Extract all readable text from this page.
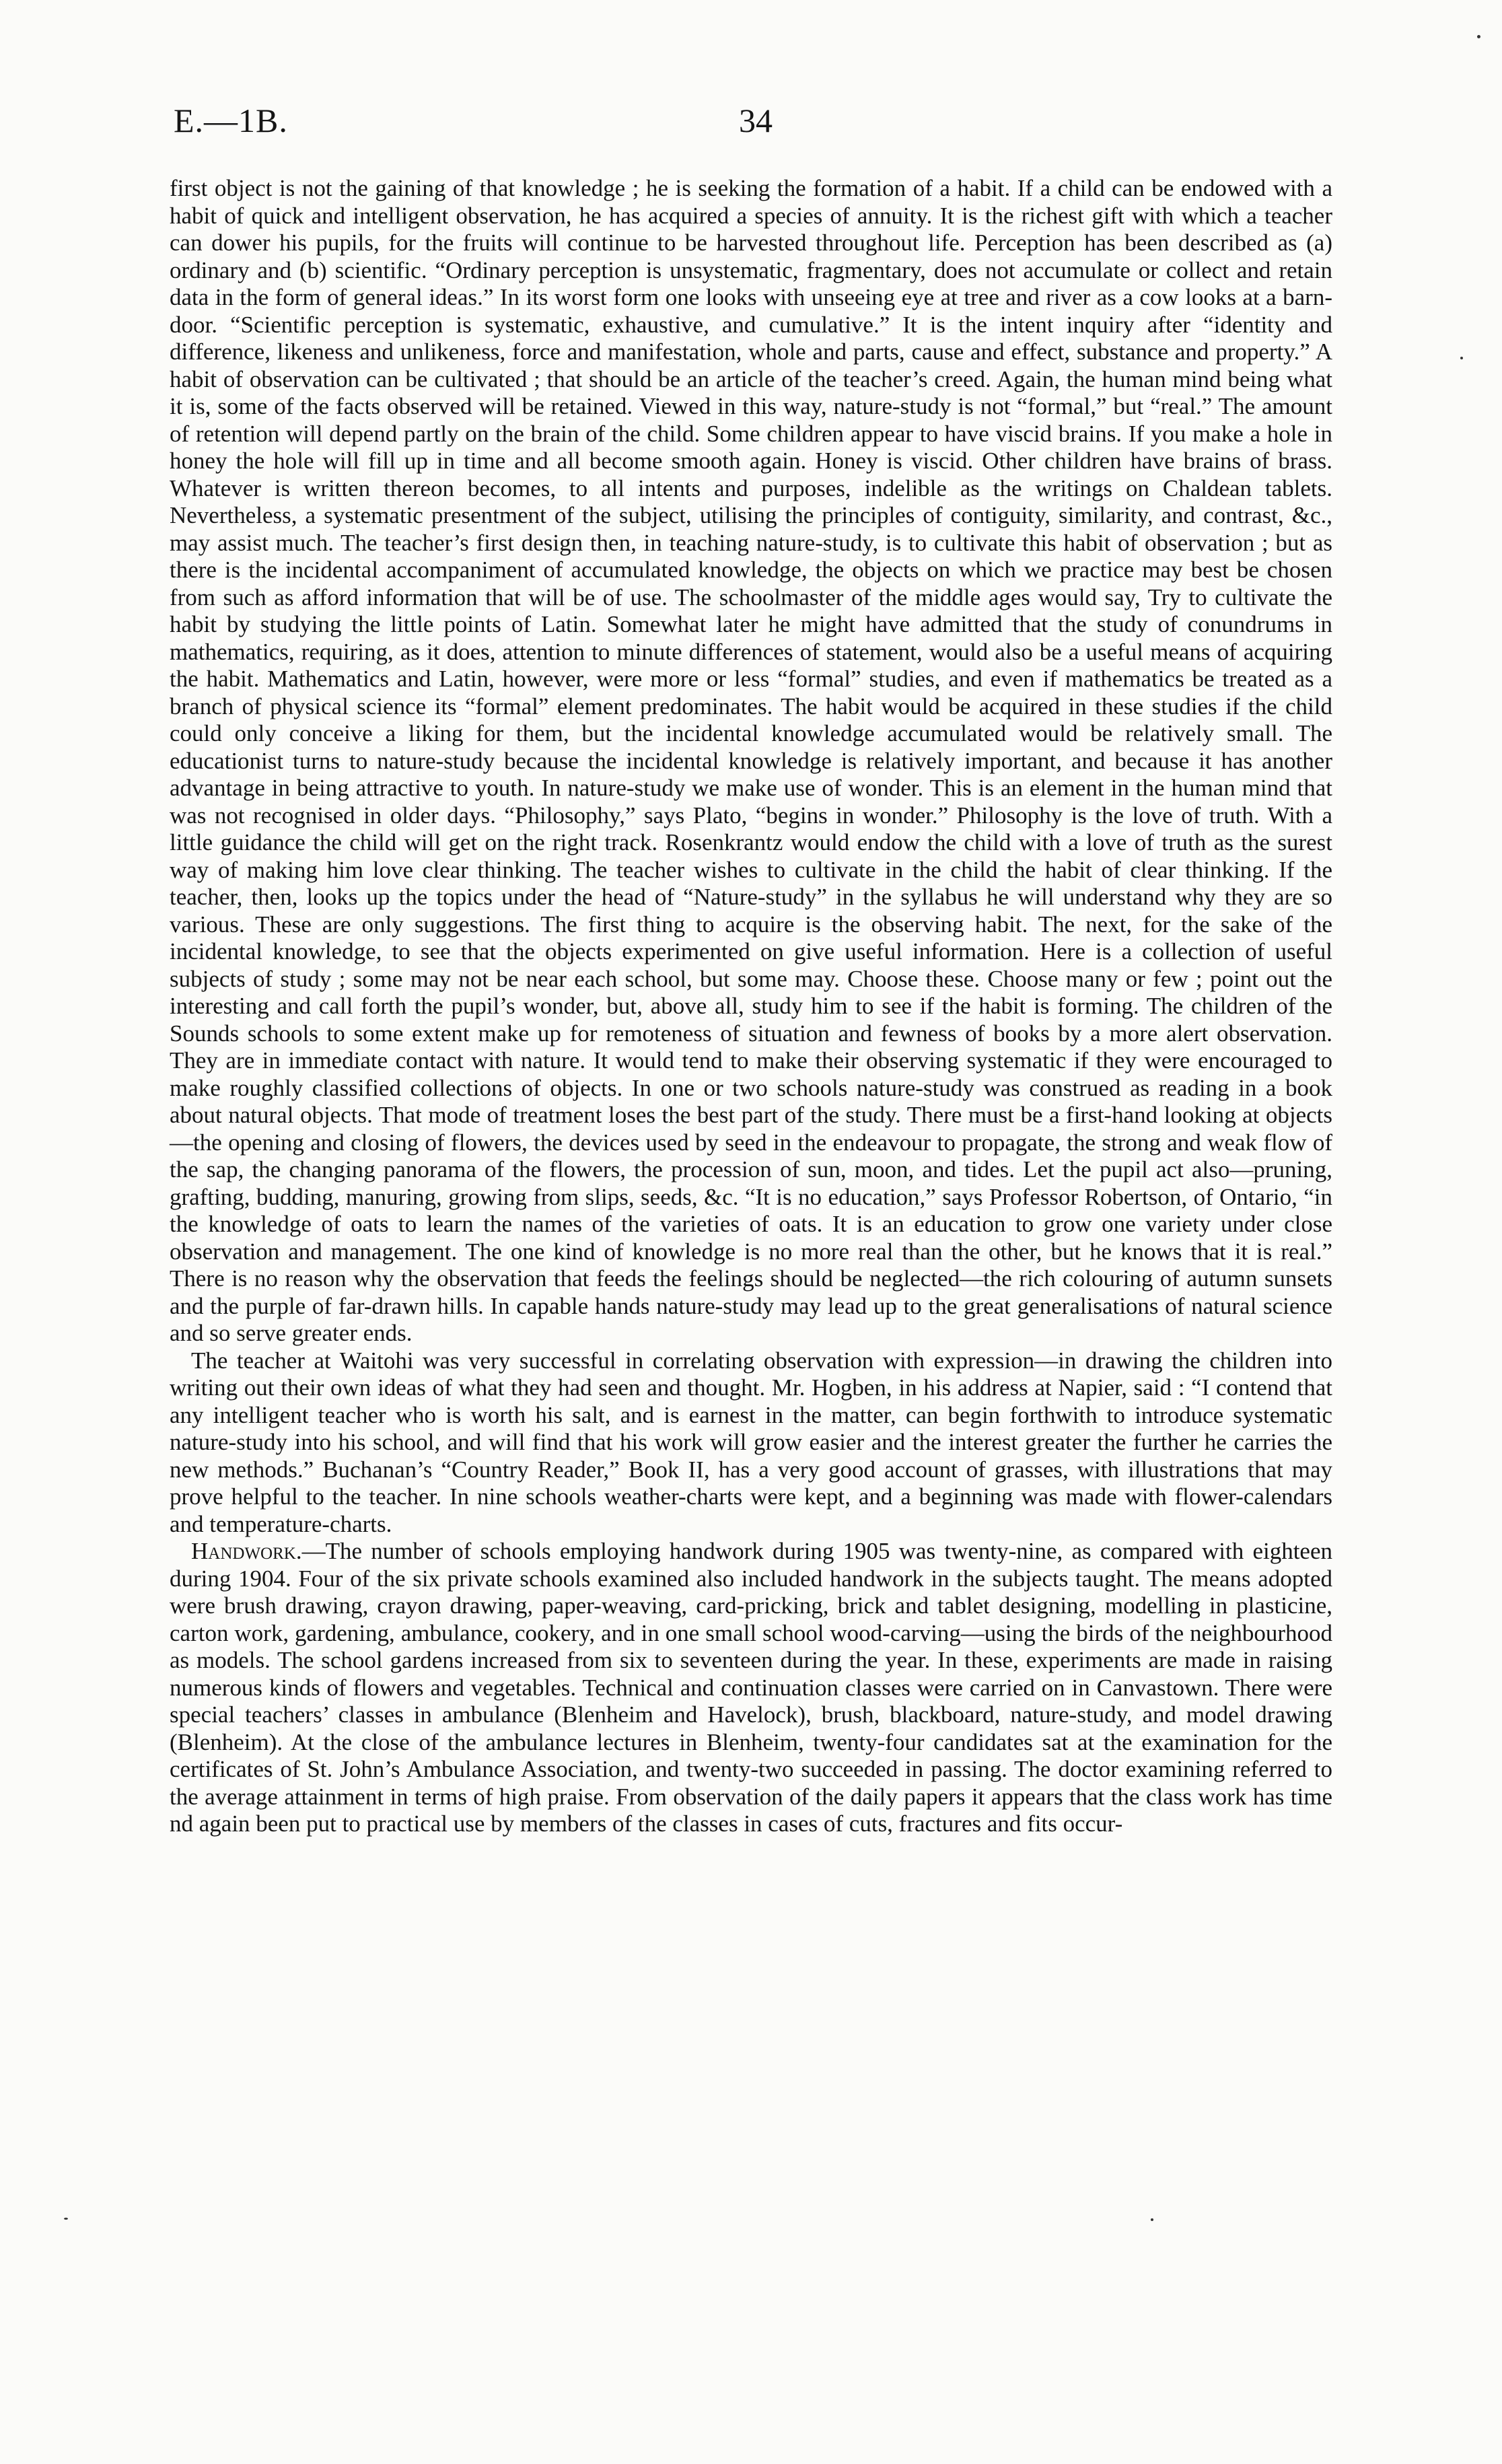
E.—1B.	34

first object is not the gaining of that knowledge ; he is seeking the formation of a habit. If a child can be endowed with a habit of quick and intelligent observation, he has acquired a species of annuity. It is the richest gift with which a teacher can dower his pupils, for the fruits will continue to be harvested throughout life. Perception has been described as (a) ordinary and (b) scientific. “Ordinary perception is unsystematic, fragmentary, does not accumulate or collect and retain data in the form of general ideas.” In its worst form one looks with unseeing eye at tree and river as a cow looks at a barn-door. “Scientific perception is systematic, exhaustive, and cumulative.” It is the intent inquiry after “identity and difference, likeness and unlikeness, force and manifestation, whole and parts, cause and effect, substance and property.” A habit of observation can be cultivated ; that should be an article of the teacher’s creed. Again, the human mind being what it is, some of the facts observed will be retained. Viewed in this way, nature-study is not “formal,” but “real.” The amount of retention will depend partly on the brain of the child. Some children appear to have viscid brains. If you make a hole in honey the hole will fill up in time and all become smooth again. Honey is viscid. Other children have brains of brass. Whatever is written thereon becomes, to all intents and purposes, indelible as the writings on Chaldean tablets. Nevertheless, a systematic presentment of the subject, utilising the principles of contiguity, similarity, and contrast, &c., may assist much. The teacher’s first design then, in teaching nature-study, is to cultivate this habit of observation ; but as there is the incidental accompaniment of accumulated knowledge, the objects on which we practice may best be chosen from such as afford information that will be of use. The schoolmaster of the middle ages would say, Try to cultivate the habit by studying the little points of Latin. Somewhat later he might have admitted that the study of conundrums in mathematics, requiring, as it does, attention to minute differences of statement, would also be a useful means of acquiring the habit. Mathematics and Latin, however, were more or less “formal” studies, and even if mathematics be treated as a branch of physical science its “formal” element predominates. The habit would be acquired in these studies if the child could only conceive a liking for them, but the incidental knowledge accumulated would be relatively small. The educationist turns to nature-study because the incidental knowledge is relatively important, and because it has another advantage in being attractive to youth. In nature-study we make use of wonder. This is an element in the human mind that was not recognised in older days. “Philosophy,” says Plato, “begins in wonder.” Philosophy is the love of truth. With a little guidance the child will get on the right track. Rosenkrantz would endow the child with a love of truth as the surest way of making him love clear thinking. The teacher wishes to cultivate in the child the habit of clear thinking. If the teacher, then, looks up the topics under the head of “Nature-study” in the syllabus he will understand why they are so various. These are only suggestions. The first thing to acquire is the observing habit. The next, for the sake of the incidental knowledge, to see that the objects experimented on give useful information. Here is a collection of useful subjects of study ; some may not be near each school, but some may. Choose these. Choose many or few ; point out the interesting and call forth the pupil’s wonder, but, above all, study him to see if the habit is forming. The children of the Sounds schools to some extent make up for remoteness of situation and fewness of books by a more alert observation. They are in immediate contact with nature. It would tend to make their observing systematic if they were encouraged to make roughly classified collections of objects. In one or two schools nature-study was construed as reading in a book about natural objects. That mode of treatment loses the best part of the study. There must be a first-hand looking at objects—the opening and closing of flowers, the devices used by seed in the endeavour to propagate, the strong and weak flow of the sap, the changing panorama of the flowers, the procession of sun, moon, and tides. Let the pupil act also—pruning, grafting, budding, manuring, growing from slips, seeds, &c. “It is no education,” says Professor Robertson, of Ontario, “in the knowledge of oats to learn the names of the varieties of oats. It is an education to grow one variety under close observation and management. The one kind of knowledge is no more real than the other, but he knows that it is real.” There is no reason why the observation that feeds the feelings should be neglected—the rich colouring of autumn sunsets and the purple of far-drawn hills. In capable hands nature-study may lead up to the great generalisations of natural science and so serve greater ends.

The teacher at Waitohi was very successful in correlating observation with expression—in drawing the children into writing out their own ideas of what they had seen and thought. Mr. Hogben, in his address at Napier, said : “I contend that any intelligent teacher who is worth his salt, and is earnest in the matter, can begin forthwith to introduce systematic nature-study into his school, and will find that his work will grow easier and the interest greater the further he carries the new methods.” Buchanan’s “Country Reader,” Book II, has a very good account of grasses, with illustrations that may prove helpful to the teacher. In nine schools weather-charts were kept, and a beginning was made with flower-calendars and temperature-charts.

Handwork.—The number of schools employing handwork during 1905 was twenty-nine, as compared with eighteen during 1904. Four of the six private schools examined also included handwork in the subjects taught. The means adopted were brush drawing, crayon drawing, paper-weaving, card-pricking, brick and tablet designing, modelling in plasticine, carton work, gardening, ambulance, cookery, and in one small school wood-carving—using the birds of the neighbourhood as models. The school gardens increased from six to seventeen during the year. In these, experiments are made in raising numerous kinds of flowers and vegetables. Technical and continuation classes were carried on in Canvastown. There were special teachers’ classes in ambulance (Blenheim and Havelock), brush, blackboard, nature-study, and model drawing (Blenheim). At the close of the ambulance lectures in Blenheim, twenty-four candidates sat at the examination for the certificates of St. John’s Ambulance Association, and twenty-two succeeded in passing. The doctor examining referred to the average attainment in terms of high praise. From observation of the daily papers it appears that the class work has time nd again been put to practical use by members of the classes in cases of cuts, fractures and fits occur-
